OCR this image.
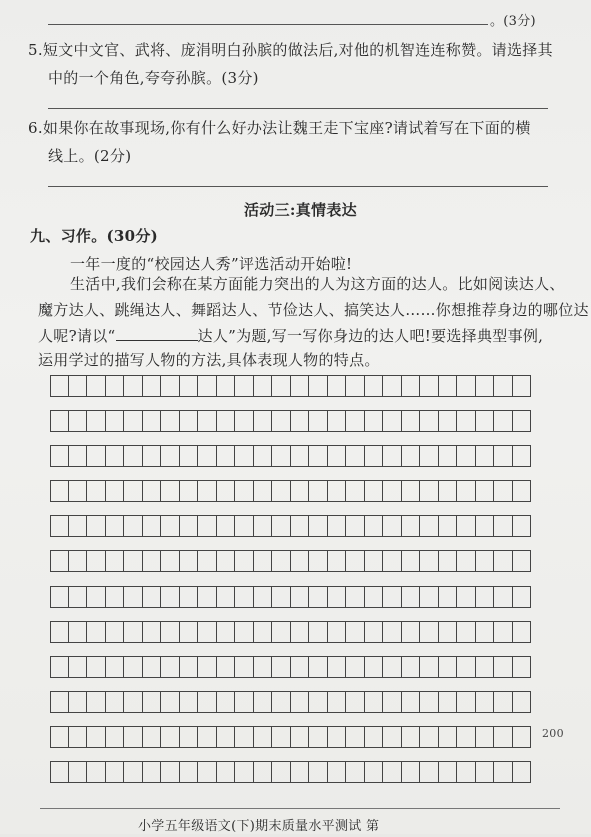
。(3分)
5.短文中文官、武将、庞涓明白孙膑的做法后,对他的机智连连称赞。请选择其
中的一个角色,夸夸孙膑。(3分)
6.如果你在故事现场,你有什么好办法让魏王走下宝座?请试着写在下面的横
线上。(2分)
活动三:真情表达
九、习作。(30分)
一年一度的“校园达人秀”评选活动开始啦!
生活中,我们会称在某方面能力突出的人为这方面的达人。比如阅读达人、
魔方达人、跳绳达人、舞蹈达人、节俭达人、搞笑达人……你想推荐身边的哪位达
人呢?请以“	达人”为题,写一写你身边的达人吧!要选择典型事例,
运用学过的描写人物的方法,具体表现人物的特点。
200
小学五年级语文(下)期末质量水平测试 第
